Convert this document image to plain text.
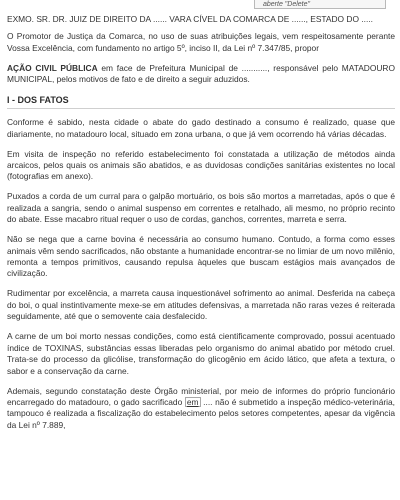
aberte "Delete"

EXMO. SR. DR. JUIZ DE DIREITO DA ...... VARA CÍVEL DA COMARCA DE ......, ESTADO DO .....

O Promotor de Justiça da Comarca, no uso de suas atribuições legais, vem respeitosamente perante Vossa Excelência, com fundamento no artigo 5º, inciso II, da Lei nº 7.347/85, propor

AÇÃO CIVIL PÚBLICA em face de Prefeitura Municipal de ..........., responsável pelo MATADOURO MUNICIPAL, pelos motivos de fato e de direito a seguir aduzidos.

I - DOS FATOS

Conforme é sabido, nesta cidade o abate do gado destinado a consumo é realizado, quase que diariamente, no matadouro local, situado em zona urbana, o que já vem ocorrendo há várias décadas.

Em visita de inspeção no referido estabelecimento foi constatada a utilização de métodos ainda arcaicos, pelos quais os animais são abatidos, e as duvidosas condições sanitárias existentes no local (fotografias em anexo).

Puxados a corda de um curral para o galpão mortuário, os bois são mortos a marretadas, após o que é realizada a sangria, sendo o animal suspenso em correntes e retalhado, ali mesmo, no próprio recinto do abate. Esse macabro ritual requer o uso de cordas, ganchos, correntes, marreta e serra.

Não se nega que a carne bovina é necessária ao consumo humano. Contudo, a forma como esses animais vêm sendo sacrificados, não obstante a humanidade encontrar-se no limiar de um novo milênio, remonta a tempos primitivos, causando repulsa àqueles que buscam estágios mais avançados de civilização.

Rudimentar por excelência, a marreta causa inquestionável sofrimento ao animal. Desferida na cabeça do boi, o qual instintivamente mexe-se em atitudes defensivas, a marretada não raras vezes é reiterada seguidamente, até que o semovente caia desfalecido.

A carne de um boi morto nessas condições, como está cientificamente comprovado, possui acentuado índice de TOXINAS, substâncias essas liberadas pelo organismo do animal abatido por método cruel. Trata-se do processo da glicólise, transformação do glicogênio em ácido lático, que afeta a textura, o sabor e a conservação da carne.

Ademais, segundo constatação deste Órgão ministerial, por meio de informes do próprio funcionário encarregado do matadouro, o gado sacrificado em .... não é submetido a inspeção médico-veterinária, tampouco é realizada a fiscalização do estabelecimento pelos setores competentes, apesar da vigência da Lei nº 7.889,
